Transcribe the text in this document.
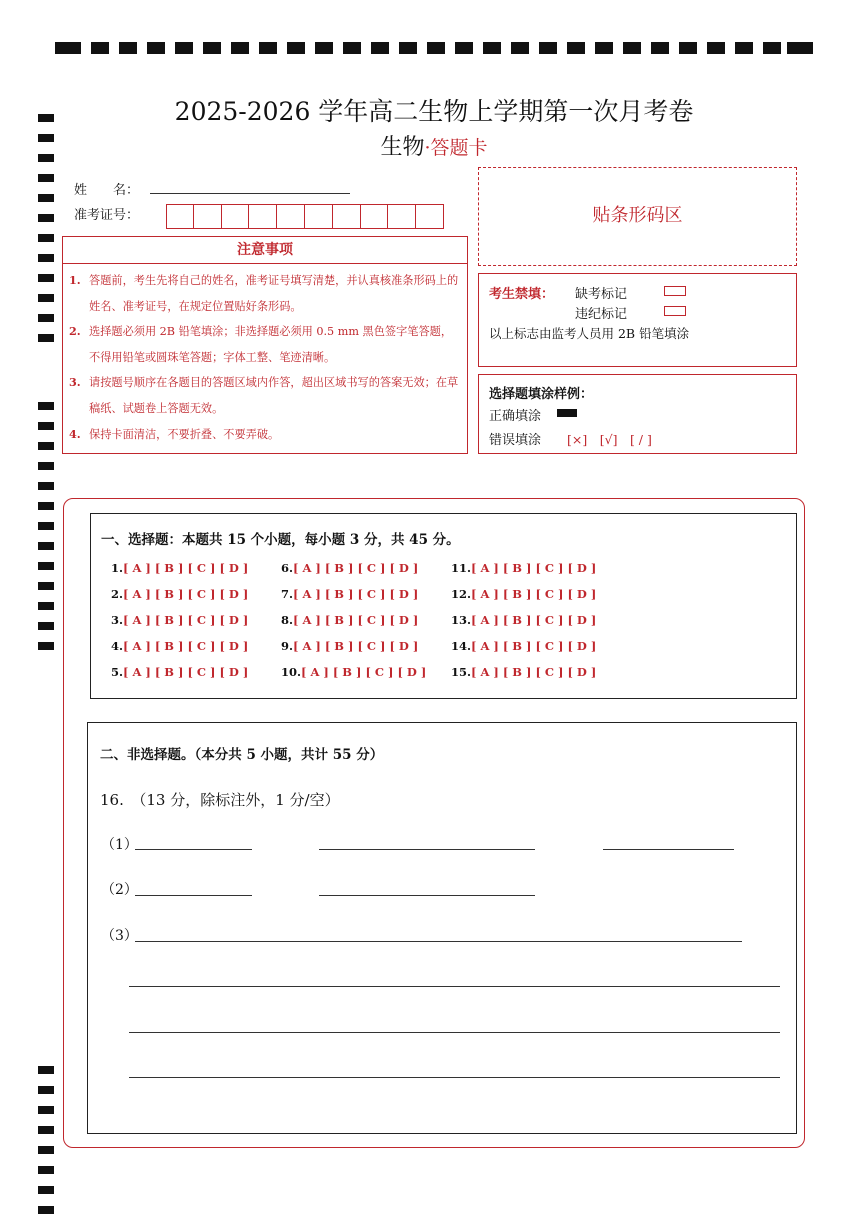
2025-2026 学年高二生物上学期第一次月考卷
生物·答题卡
姓　　名：
准考证号：
注意事项
1. 答题前，考生先将自己的姓名，准考证号填写清楚，并认真核准条形码上的姓名、准考证号，在规定位置贴好条形码。
2. 选择题必须用 2B 铅笔填涂；非选择题必须用 0.5 mm 黑色签字笔答题，不得用铅笔或圆珠笔答题；字体工整、笔迹清晰。
3. 请按题号顺序在各题目的答题区域内作答，超出区域书写的答案无效；在草稿纸、试题卷上答题无效。
4. 保持卡面清洁，不要折叠、不要弄破。
贴条形码区
考生禁填： 缺考标记
违纪标记
以上标志由监考人员用 2B 铅笔填涂
选择题填涂样例：
正确填涂
错误填涂 [×]　[√]　[ / ]
一、选择题：本题共 15 个小题，每小题 3 分，共 45 分。
1.[ A ] [ B ] [ C ] [ D ]
2.[ A ] [ B ] [ C ] [ D ]
3.[ A ] [ B ] [ C ] [ D ]
4.[ A ] [ B ] [ C ] [ D ]
5.[ A ] [ B ] [ C ] [ D ]
6.[ A ] [ B ] [ C ] [ D ]
7.[ A ] [ B ] [ C ] [ D ]
8.[ A ] [ B ] [ C ] [ D ]
9.[ A ] [ B ] [ C ] [ D ]
10.[ A ] [ B ] [ C ] [ D ]
11.[ A ] [ B ] [ C ] [ D ]
12.[ A ] [ B ] [ C ] [ D ]
13.[ A ] [ B ] [ C ] [ D ]
14.[ A ] [ B ] [ C ] [ D ]
15.[ A ] [ B ] [ C ] [ D ]
二、非选择题。（本分共 5 小题，共计 55 分）
16.　（13 分，除标注外，1 分/空）
（1）
（2）
（3）
